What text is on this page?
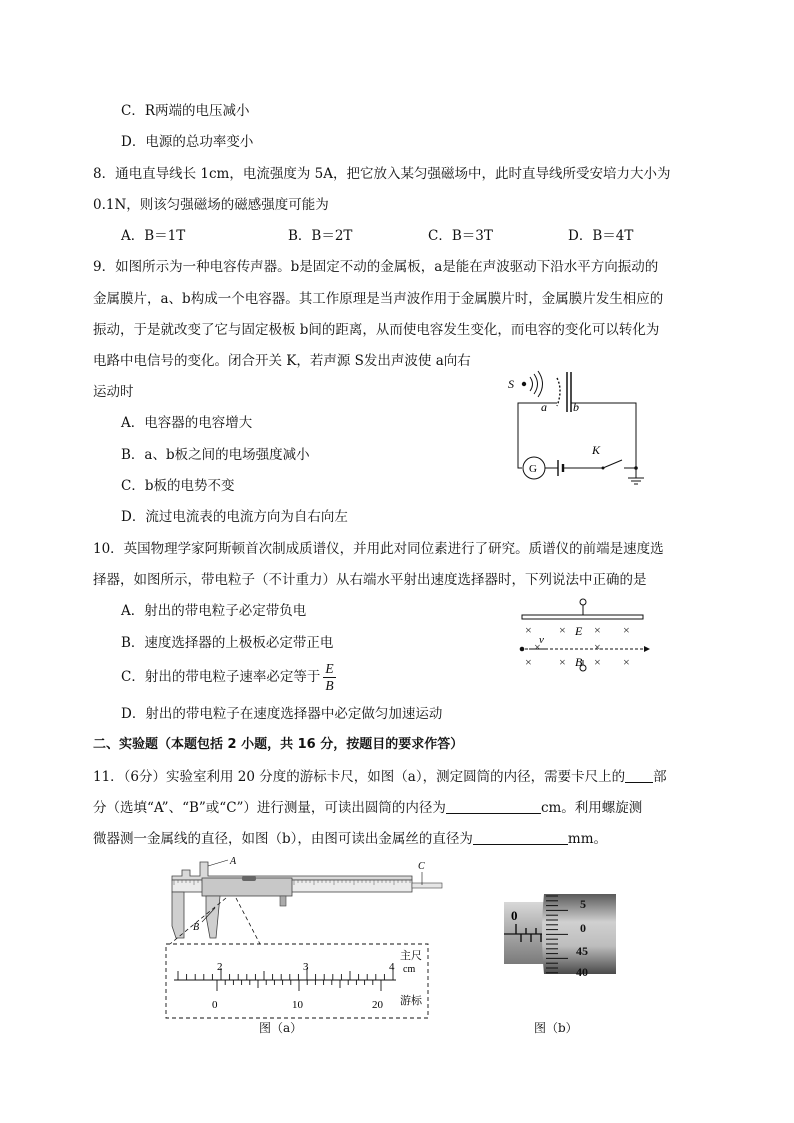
C．R两端的电压减小
D．电源的总功率变小
8．通电直导线长 1cm，电流强度为 5A，把它放入某匀强磁场中，此时直导线所受安培力大小为
0.1N，则该匀强磁场的磁感强度可能为
A．B＝1T	B．B＝2T	C．B＝3T	D．B＝4T
9．如图所示为一种电容传声器。b是固定不动的金属板，a是能在声波驱动下沿水平方向振动的
金属膜片，a、b构成一个电容器。其工作原理是当声波作用于金属膜片时，金属膜片发生相应的
振动，于是就改变了它与固定极板 b间的距离，从而使电容发生变化，而电容的变化可以转化为
电路中电信号的变化。闭合开关 K，若声源 S发出声波使 a向右
运动时
A．电容器的电容增大
B．a、b板之间的电场强度减小
C．b板的电势不变
D．流过电流表的电流方向为自右向左
S
a b
G
K
10．英国物理学家阿斯顿首次制成质谱仪，并用此对同位素进行了研究。质谱仪的前端是速度选
择器，如图所示，带电粒子（不计重力）从右端水平射出速度选择器时，下列说法中正确的是
A．射出的带电粒子必定带负电
B．速度选择器的上极板必定带正电
C．射出的带电粒子速率必定等于 $\frac{E}{B}$
D．射出的带电粒子在速度选择器中必定做匀加速运动
× × × ×
× × × ×
×	×
E
B
v
二、实验题（本题包括 2 小题，共 16 分，按题目的要求作答）
11．（6分）实验室利用 20 分度的游标卡尺，如图（a），测定圆筒的内径，需要卡尺上的 部
分（选填“A”、“B”或“C”）进行测量，可读出圆筒的内径为	cm。利用螺旋测
微器测一金属线的直径，如图（b），由图可读出金属丝的直径为	mm。
A
B
C
2	3	4
主尺
cm
0	10	20 游标
图（a）
0
5
0
45
40
图（b）
